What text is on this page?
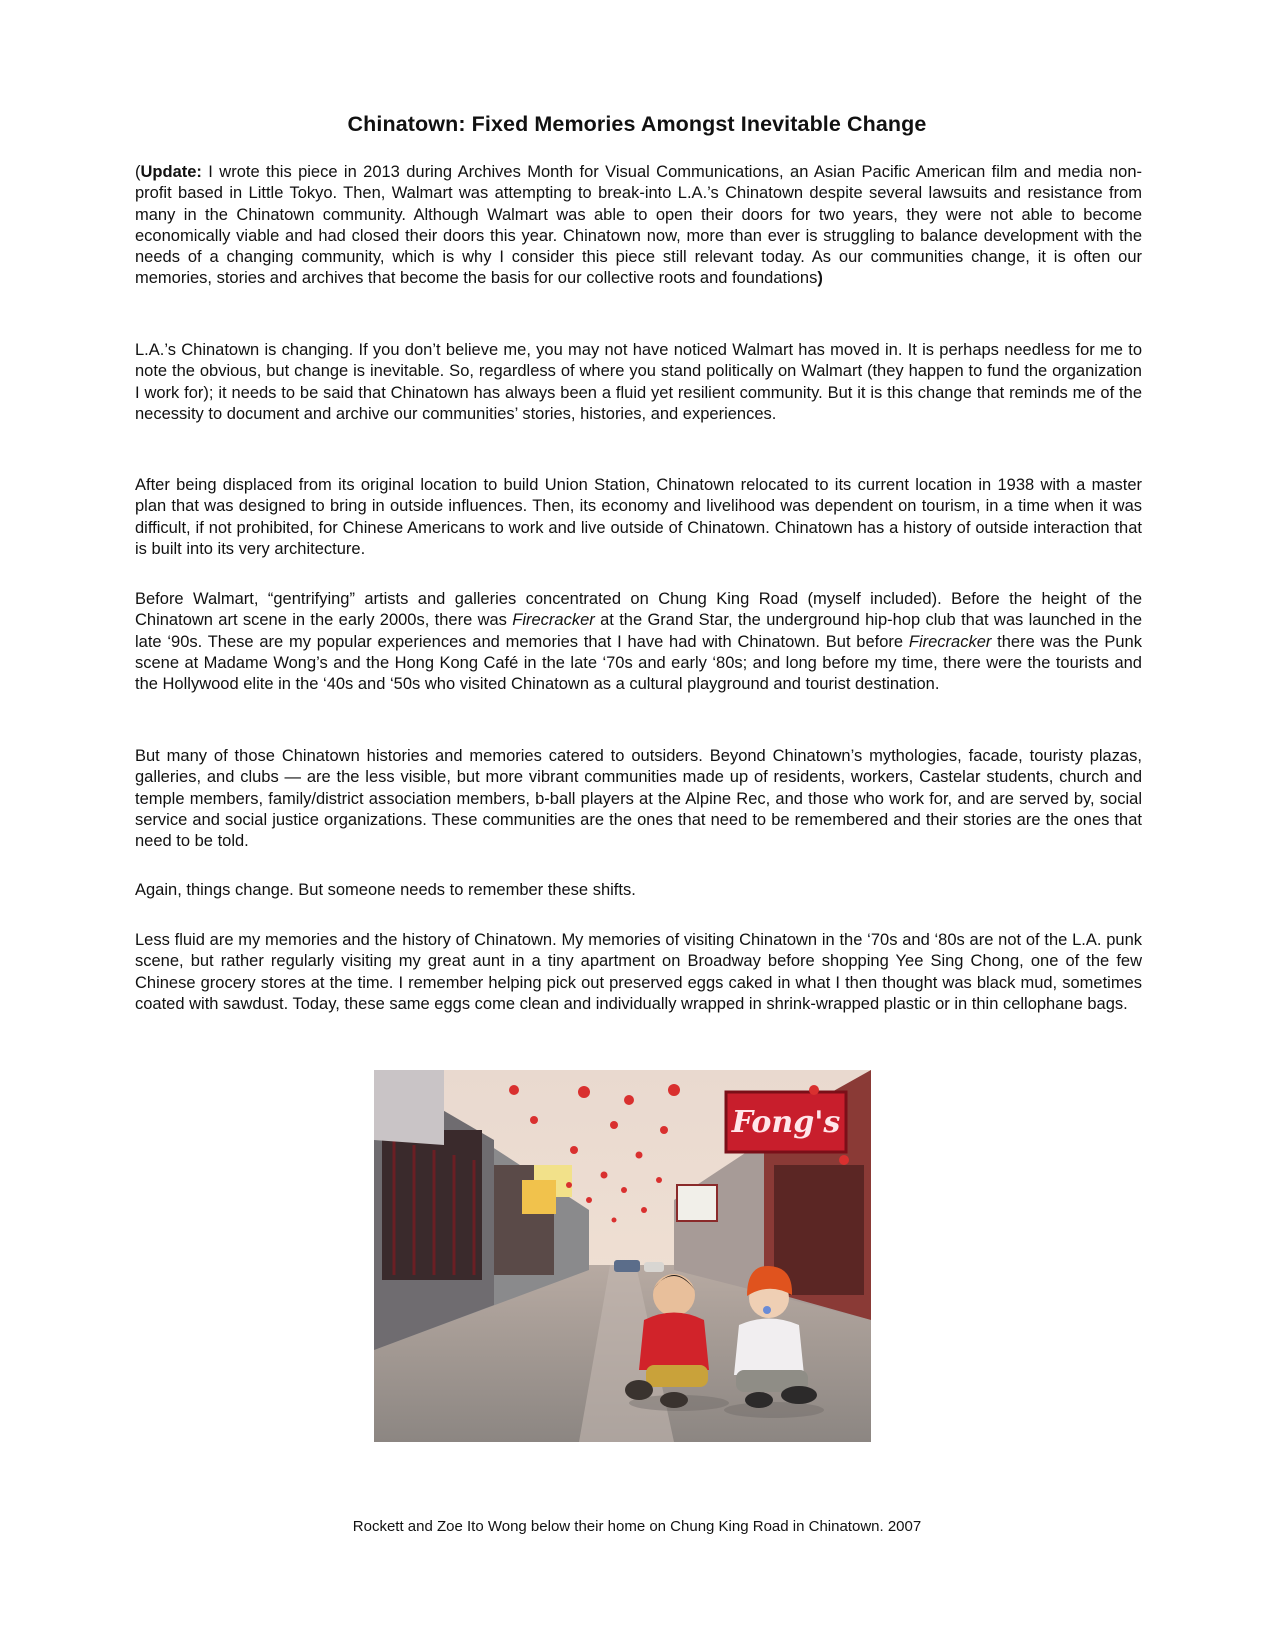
Chinatown: Fixed Memories Amongst Inevitable Change

(Update: I wrote this piece in 2013 during Archives Month for Visual Communications, an Asian Pacific American film and media non-profit based in Little Tokyo. Then, Walmart was attempting to break-into L.A.’s Chinatown despite several lawsuits and resistance from many in the Chinatown community. Although Walmart was able to open their doors for two years, they were not able to become economically viable and had closed their doors this year. Chinatown now, more than ever is struggling to balance development with the needs of a changing community, which is why I consider this piece still relevant today. As our communities change, it is often our memories, stories and archives that become the basis for our collective roots and foundations)

L.A.’s Chinatown is changing. If you don’t believe me, you may not have noticed Walmart has moved in. It is perhaps needless for me to note the obvious, but change is inevitable. So, regardless of where you stand politically on Walmart (they happen to fund the organization I work for); it needs to be said that Chinatown has always been a fluid yet resilient community. But it is this change that reminds me of the necessity to document and archive our communities’ stories, histories, and experiences.

After being displaced from its original location to build Union Station, Chinatown relocated to its current location in 1938 with a master plan that was designed to bring in outside influences. Then, its economy and livelihood was dependent on tourism, in a time when it was difficult, if not prohibited, for Chinese Americans to work and live outside of Chinatown. Chinatown has a history of outside interaction that is built into its very architecture.

Before Walmart, “gentrifying” artists and galleries concentrated on Chung King Road (myself included). Before the height of the Chinatown art scene in the early 2000s, there was Firecracker at the Grand Star, the underground hip-hop club that was launched in the late ‘90s. These are my popular experiences and memories that I have had with Chinatown. But before Firecracker there was the Punk scene at Madame Wong’s and the Hong Kong Café in the late ‘70s and early ‘80s; and long before my time, there were the tourists and the Hollywood elite in the ‘40s and ‘50s who visited Chinatown as a cultural playground and tourist destination.

But many of those Chinatown histories and memories catered to outsiders. Beyond Chinatown’s mythologies, facade, touristy plazas, galleries, and clubs — are the less visible, but more vibrant communities made up of residents, workers, Castelar students, church and temple members, family/district association members, b-ball players at the Alpine Rec, and those who work for, and are served by, social service and social justice organizations. These communities are the ones that need to be remembered and their stories are the ones that need to be told.

Again, things change. But someone needs to remember these shifts.

Less fluid are my memories and the history of Chinatown. My memories of visiting Chinatown in the ‘70s and ‘80s are not of the L.A. punk scene, but rather regularly visiting my great aunt in a tiny apartment on Broadway before shopping Yee Sing Chong, one of the few Chinese grocery stores at the time. I remember helping pick out preserved eggs caked in what I then thought was black mud, sometimes coated with sawdust. Today, these same eggs come clean and individually wrapped in shrink-wrapped plastic or in thin cellophane bags.

Fong's

Rockett and Zoe Ito Wong below their home on Chung King Road in Chinatown. 2007
